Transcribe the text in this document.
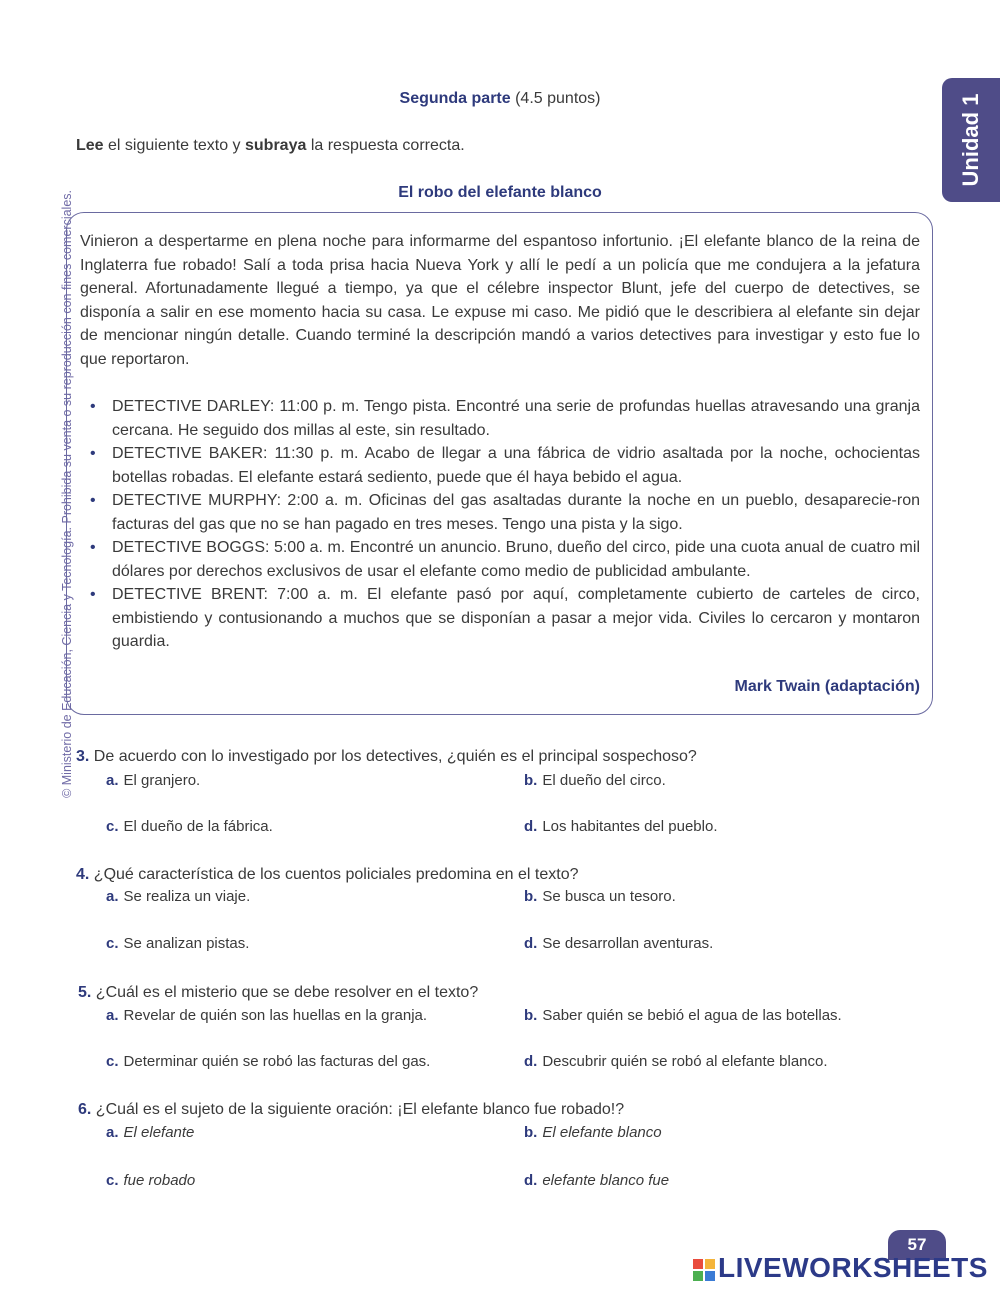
Unidad 1
© Ministerio de Educación, Ciencia y Tecnología. Prohibida su venta o su reproducción con fines comerciales.
Segunda parte (4.5 puntos)
Lee el siguiente texto y subraya la respuesta correcta.
El robo del elefante blanco

Vinieron a despertarme en plena noche para informarme del espantoso infortunio. ¡El elefante blanco de la reina de Inglaterra fue robado! Salí a toda prisa hacia Nueva York y allí le pedí a un policía que me condujera a la jefatura general. Afortunadamente llegué a tiempo, ya que el célebre inspector Blunt, jefe del cuerpo de detectives, se disponía a salir en ese momento hacia su casa. Le expuse mi caso. Me pidió que le describiera al elefante sin dejar de mencionar ningún detalle. Cuando terminé la descripción mandó a varios detectives para investigar y esto fue lo que reportaron.

• DETECTIVE DARLEY: 11:00 p. m. Tengo pista. Encontré una serie de profundas huellas atravesando una granja cercana. He seguido dos millas al este, sin resultado.
• DETECTIVE BAKER: 11:30 p. m. Acabo de llegar a una fábrica de vidrio asaltada por la noche, ochocientas botellas robadas. El elefante estará sediento, puede que él haya bebido el agua.
• DETECTIVE MURPHY: 2:00 a. m. Oficinas del gas asaltadas durante la noche en un pueblo, desaparecie-ron facturas del gas que no se han pagado en tres meses. Tengo una pista y la sigo.
• DETECTIVE BOGGS: 5:00 a. m. Encontré un anuncio. Bruno, dueño del circo, pide una cuota anual de cuatro mil dólares por derechos exclusivos de usar el elefante como medio de publicidad ambulante.
• DETECTIVE BRENT: 7:00 a. m. El elefante pasó por aquí, completamente cubierto de carteles de circo, embistiendo y contusionando a muchos que se disponían a pasar a mejor vida. Civiles lo cercaron y montaron guardia.
Mark Twain (adaptación)
3. De acuerdo con lo investigado por los detectives, ¿quién es el principal sospechoso?
a. El granjero.	b. El dueño del circo.
c. El dueño de la fábrica.	d. Los habitantes del pueblo.
4. ¿Qué característica de los cuentos policiales predomina en el texto?
a. Se realiza un viaje.	b. Se busca un tesoro.
c. Se analizan pistas.	d. Se desarrollan aventuras.
5. ¿Cuál es el misterio que se debe resolver en el texto?
a. Revelar de quién son las huellas en la granja.	b. Saber quién se bebió el agua de las botellas.
c. Determinar quién se robó las facturas del gas.	d. Descubrir quién se robó al elefante blanco.
6. ¿Cuál es el sujeto de la siguiente oración: ¡El elefante blanco fue robado!?
a. El elefante	b. El elefante blanco
c. fue robado	d. elefante blanco fue
57
LIVEWORKSHEETS
